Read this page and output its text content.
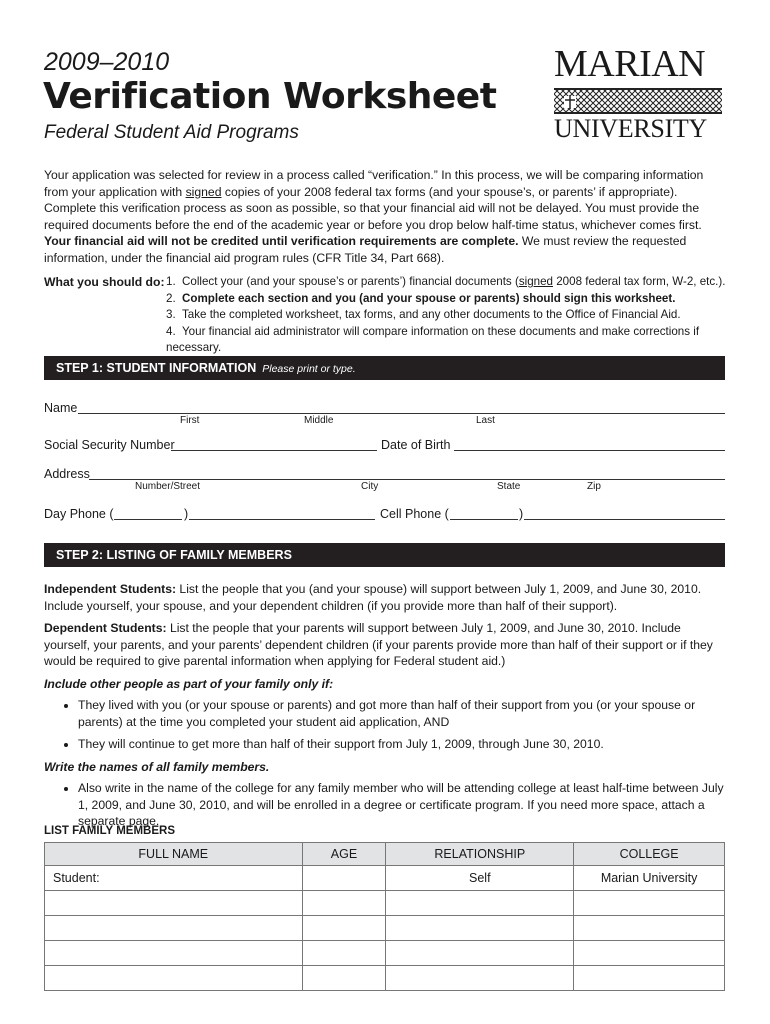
2009–2010
Verification Worksheet
Federal Student Aid Programs
MARIAN
UNIVERSITY
Your application was selected for review in a process called “verification.” In this process, we will be comparing information from your application with signed copies of your 2008 federal tax forms (and your spouse’s, or parents’ if appropriate). Complete this verification process as soon as possible, so that your financial aid will not be delayed. You must provide the required documents before the end of the academic year or before you drop below half-time status, whichever comes first. Your financial aid will not be credited until verification requirements are complete. We must review the requested information, under the financial aid program rules (CFR Title 34, Part 668).
What you should do: 1. Collect your (and your spouse’s or parents’) financial documents (signed 2008 federal tax form, W-2, etc.).
2. Complete each section and you (and your spouse or parents) should sign this worksheet.
3. Take the completed worksheet, tax forms, and any other documents to the Office of Financial Aid.
4. Your financial aid administrator will compare information on these documents and make corrections if necessary.
STEP 1: STUDENT INFORMATION Please print or type.
Name
First	Middle	Last
Social Security Number	Date of Birth
Address
Number/Street	City	State	Zip
Day Phone (	)	Cell Phone (	)
STEP 2: LISTING OF FAMILY MEMBERS
Independent Students: List the people that you (and your spouse) will support between July 1, 2009, and June 30, 2010. Include yourself, your spouse, and your dependent children (if you provide more than half of their support).
Dependent Students: List the people that your parents will support between July 1, 2009, and June 30, 2010. Include yourself, your parents, and your parents’ dependent children (if your parents provide more than half of their support or if they would be required to give parental information when applying for Federal student aid.)
Include other people as part of your family only if:
• They lived with you (or your spouse or parents) and got more than half of their support from you (or your spouse or parents) at the time you completed your student aid application, AND
• They will continue to get more than half of their support from July 1, 2009, through June 30, 2010.
Write the names of all family members.
• Also write in the name of the college for any family member who will be attending college at least half-time between July 1, 2009, and June 30, 2010, and will be enrolled in a degree or certificate program. If you need more space, attach a separate page.
LIST FAMILY MEMBERS
FULL NAME	AGE	RELATIONSHIP	COLLEGE
Student:		Self	Marian University
